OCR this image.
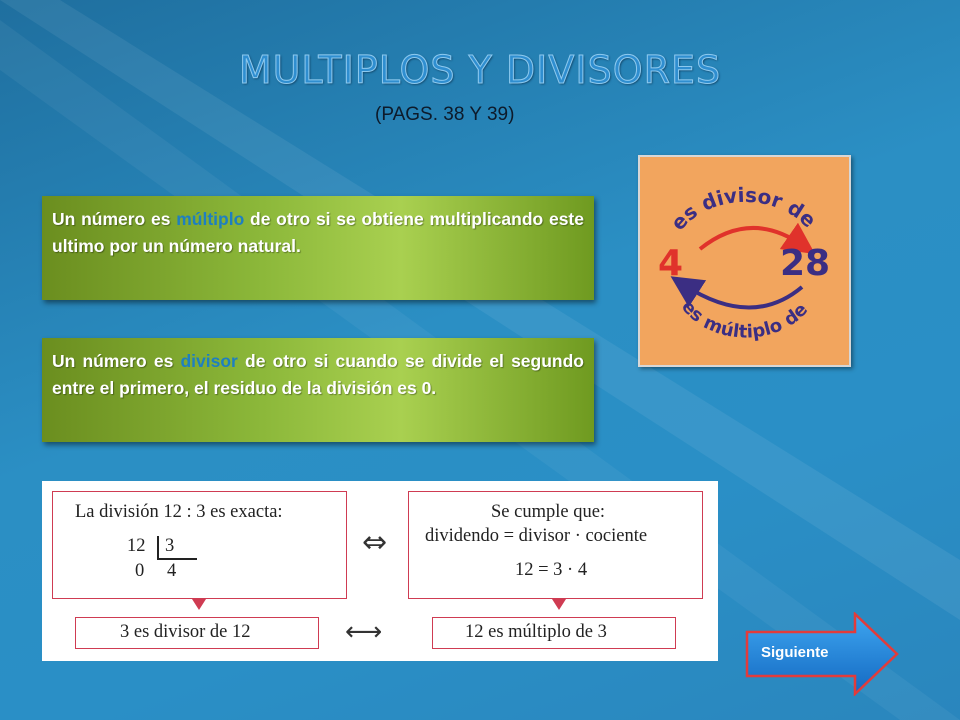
MULTIPLOS Y DIVISORES
(PAGS. 38 Y 39)
Un número es múltiplo de otro si se obtiene multiplicando este ultimo por un número natural.
Un número es divisor de otro si cuando se divide el segundo entre el primero, el residuo de la división es 0.
es divisor de
4	28
es múltiplo de
La división 12 : 3 es exacta:
12 3
0 4
⇔
Se cumple que:
dividendo = divisor · cociente
12 = 3 · 4
3 es divisor de 12	⟷	12 es múltiplo de 3
Siguiente
